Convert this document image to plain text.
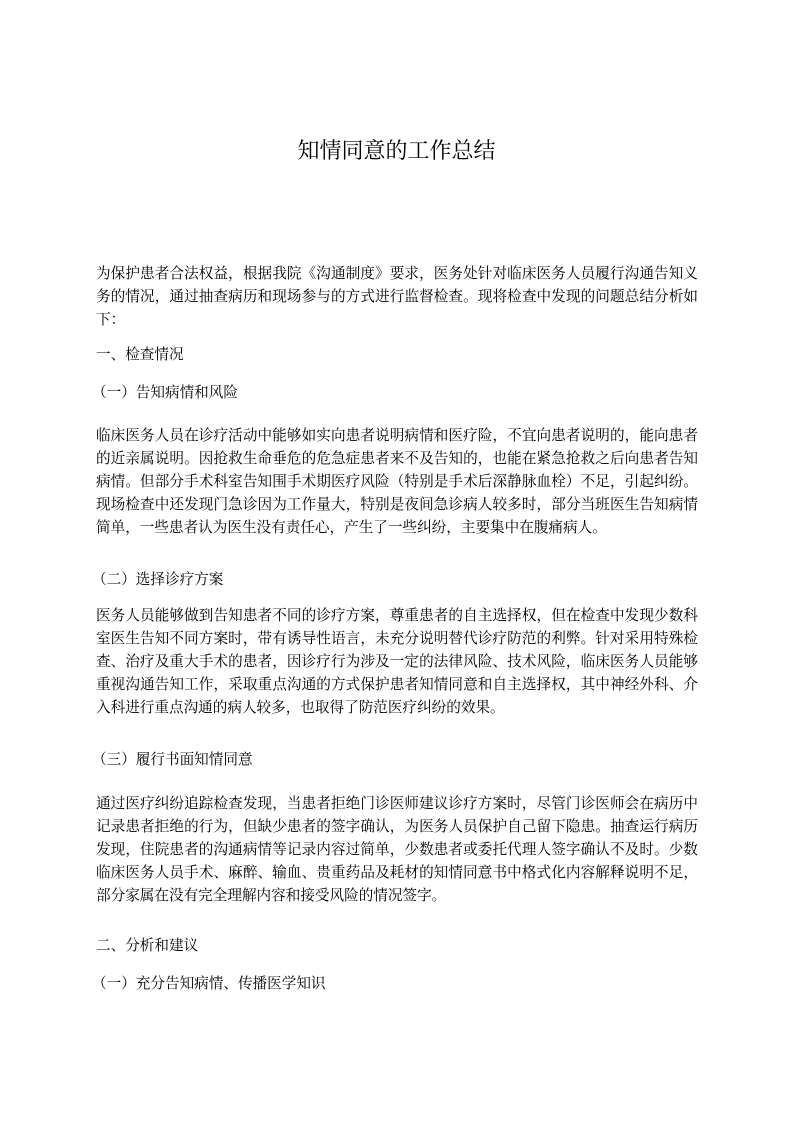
知情同意的工作总结

为保护患者合法权益，根据我院《沟通制度》要求，医务处针对临床医务人员履行沟通告知义务的情况，通过抽查病历和现场参与的方式进行监督检查。现将检查中发现的问题总结分析如下：

一、检查情况

（一）告知病情和风险

临床医务人员在诊疗活动中能够如实向患者说明病情和医疗险，不宜向患者说明的，能向患者的近亲属说明。因抢救生命垂危的危急症患者来不及告知的，也能在紧急抢救之后向患者告知病情。但部分手术科室告知围手术期医疗风险（特别是手术后深静脉血栓）不足，引起纠纷。现场检查中还发现门急诊因为工作量大，特别是夜间急诊病人较多时，部分当班医生告知病情简单，一些患者认为医生没有责任心，产生了一些纠纷，主要集中在腹痛病人。

（二）选择诊疗方案

医务人员能够做到告知患者不同的诊疗方案，尊重患者的自主选择权，但在检查中发现少数科室医生告知不同方案时，带有诱导性语言，未充分说明替代诊疗防范的利弊。针对采用特殊检查、治疗及重大手术的患者，因诊疗行为涉及一定的法律风险、技术风险，临床医务人员能够重视沟通告知工作，采取重点沟通的方式保护患者知情同意和自主选择权，其中神经外科、介入科进行重点沟通的病人较多，也取得了防范医疗纠纷的效果。

（三）履行书面知情同意

通过医疗纠纷追踪检查发现，当患者拒绝门诊医师建议诊疗方案时，尽管门诊医师会在病历中记录患者拒绝的行为，但缺少患者的签字确认，为医务人员保护自己留下隐患。抽查运行病历发现，住院患者的沟通病情等记录内容过简单，少数患者或委托代理人签字确认不及时。少数临床医务人员手术、麻醉、输血、贵重药品及耗材的知情同意书中格式化内容解释说明不足，部分家属在没有完全理解内容和接受风险的情况签字。

二、分析和建议

（一）充分告知病情、传播医学知识
